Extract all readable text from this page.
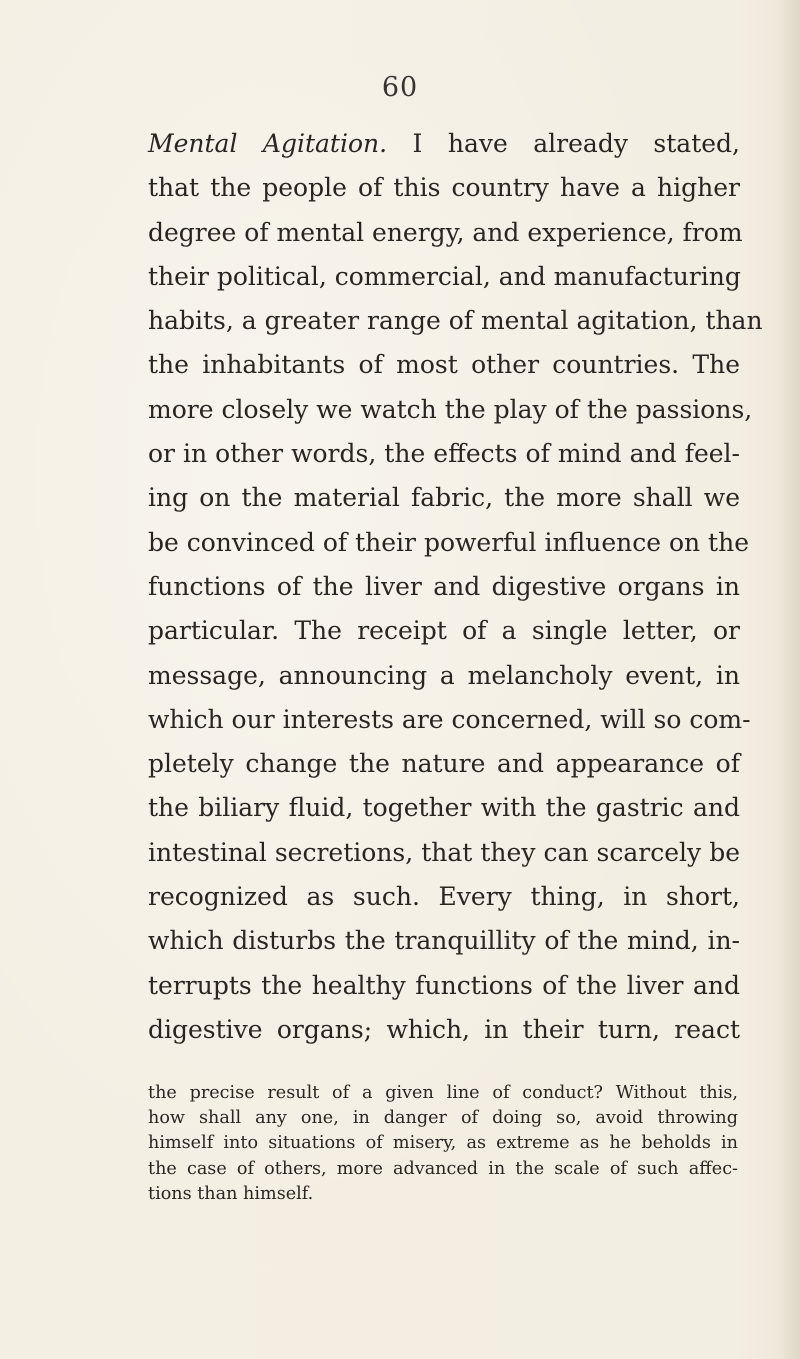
60
Mental Agitation. I have already stated,
that the people of this country have a higher
degree of mental energy, and experience, from
their political, commercial, and manufacturing
habits, a greater range of mental agitation, than
the inhabitants of most other countries. The
more closely we watch the play of the passions,
or in other words, the effects of mind and feel-
ing on the material fabric, the more shall we
be convinced of their powerful influence on the
functions of the liver and digestive organs in
particular. The receipt of a single letter, or
message, announcing a melancholy event, in
which our interests are concerned, will so com-
pletely change the nature and appearance of
the biliary fluid, together with the gastric and
intestinal secretions, that they can scarcely be
recognized as such. Every thing, in short,
which disturbs the tranquillity of the mind, in-
terrupts the healthy functions of the liver and
digestive organs; which, in their turn, react
the precise result of a given line of conduct? Without this,
how shall any one, in danger of doing so, avoid throwing
himself into situations of misery, as extreme as he beholds in
the case of others, more advanced in the scale of such affec-
tions than himself.
